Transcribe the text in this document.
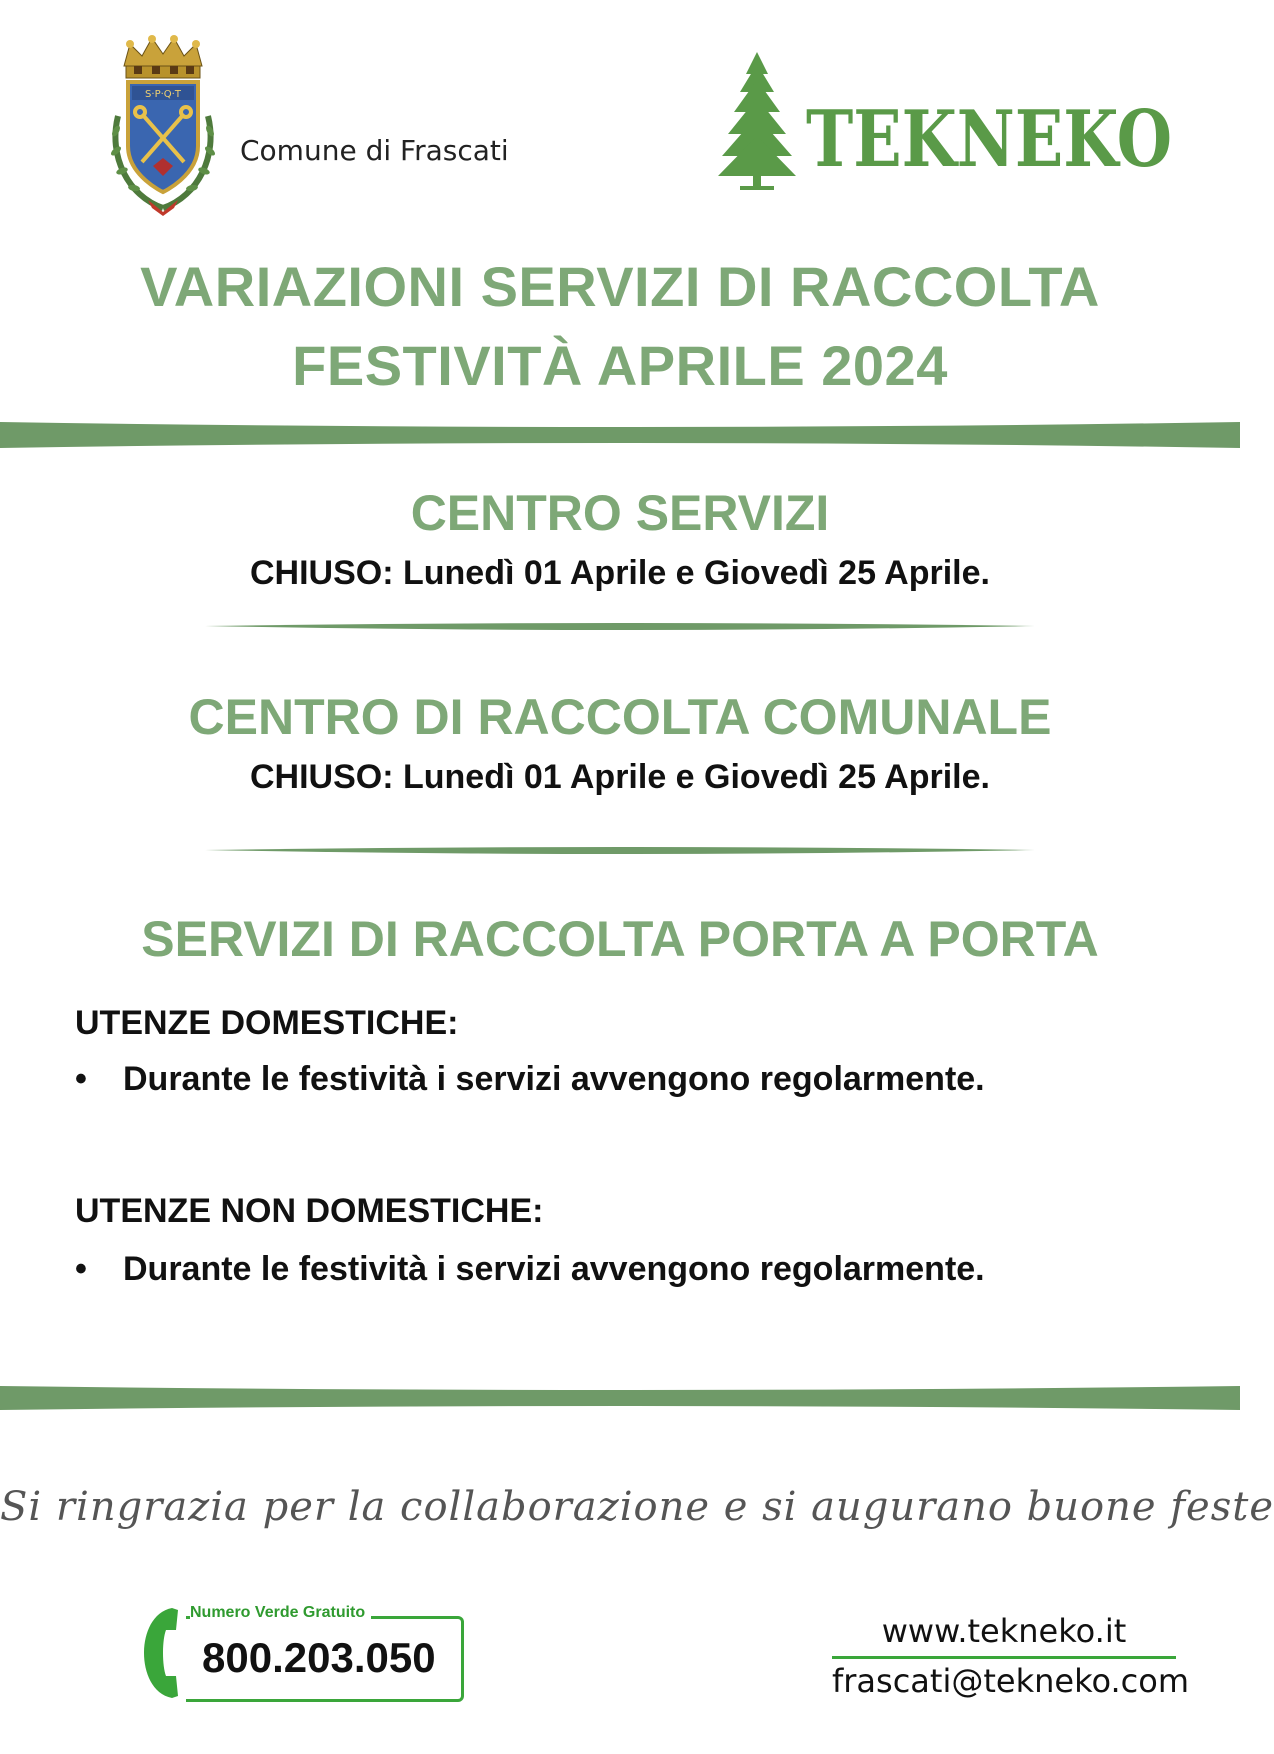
S·P·Q·T
Comune di Frascati	TEKNEKO
VARIAZIONI SERVIZI DI RACCOLTA
FESTIVITÀ APRILE 2024
CENTRO SERVIZI
CHIUSO: Lunedì 01 Aprile e Giovedì 25 Aprile.
CENTRO DI RACCOLTA COMUNALE
CHIUSO: Lunedì 01 Aprile e Giovedì 25 Aprile.
SERVIZI DI RACCOLTA PORTA A PORTA
UTENZE DOMESTICHE:
•	Durante le festività i servizi avvengono regolarmente.
UTENZE NON DOMESTICHE:
•	Durante le festività i servizi avvengono regolarmente.
Si ringrazia per la collaborazione e si augurano buone feste
Numero Verde Gratuito
800.203.050
www.tekneko.it
frascati@tekneko.com
